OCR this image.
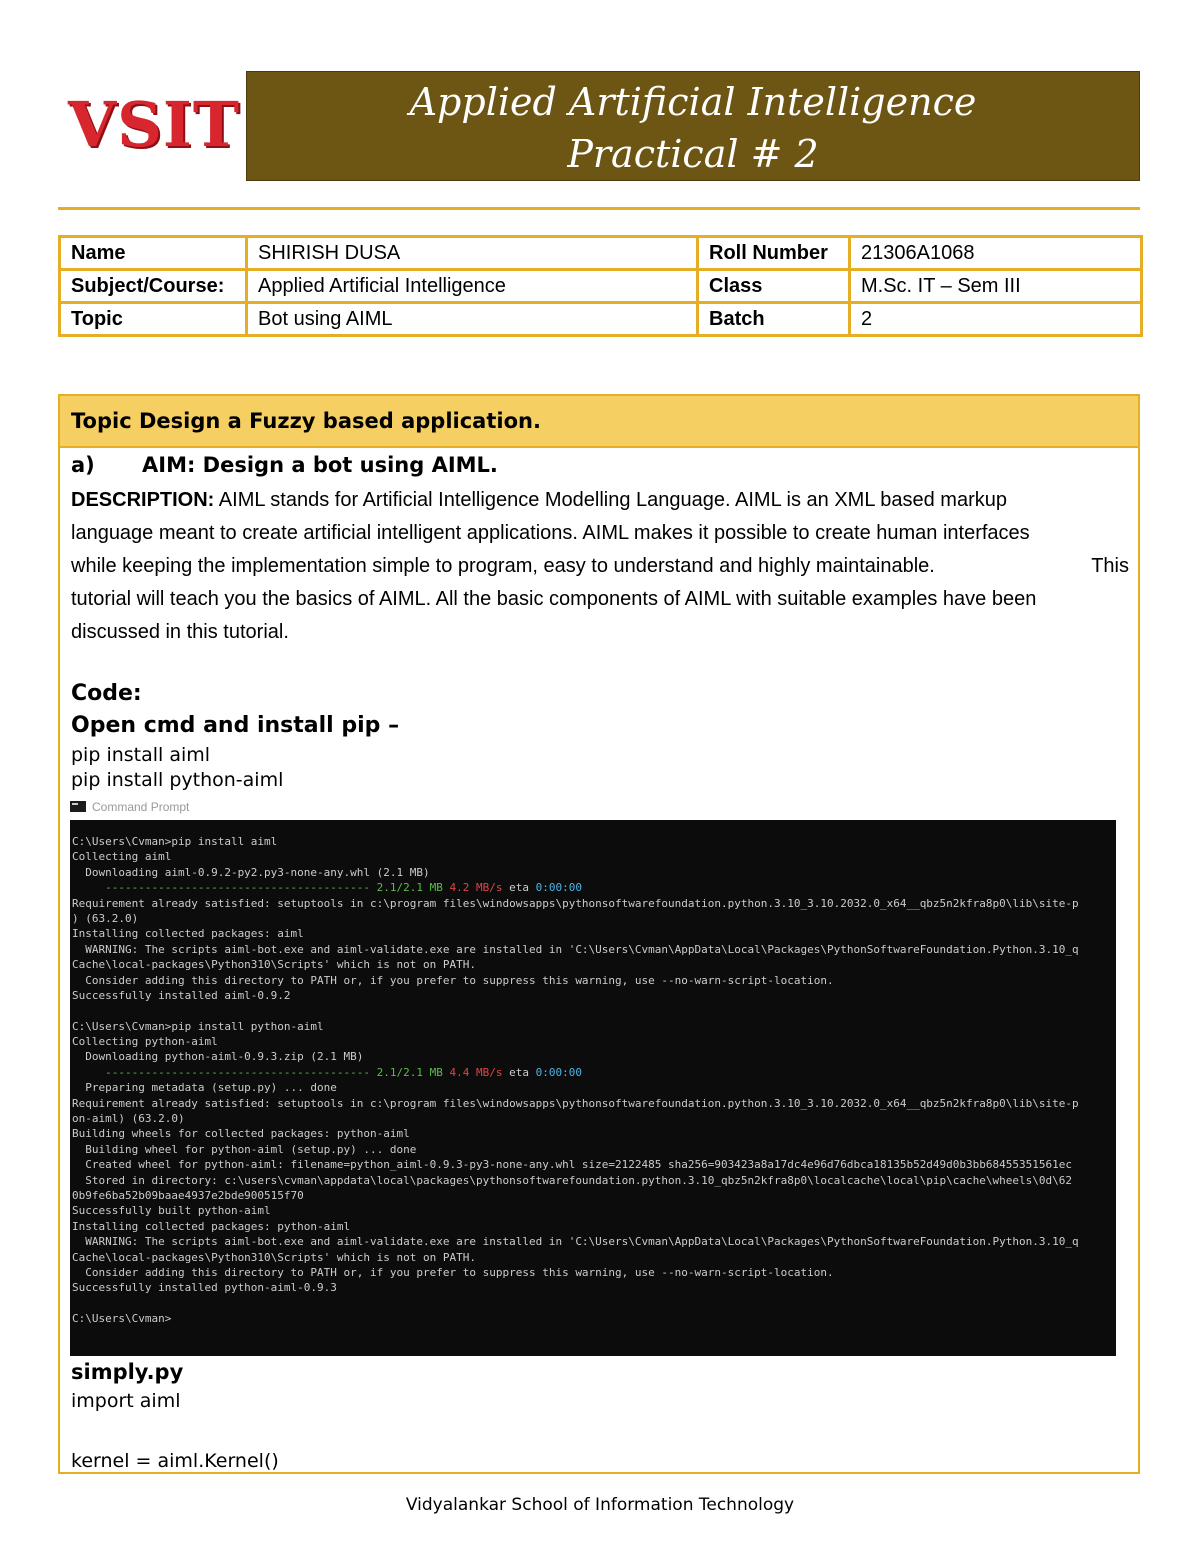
VSIT	Applied Artificial Intelligence
Practical # 2
Name	SHIRISH DUSA	Roll Number	21306A1068
Subject/Course:	Applied Artificial Intelligence	Class	M.Sc. IT – Sem III
Topic	Bot using AIML	Batch	2
Topic Design a Fuzzy based application.
a) AIM: Design a bot using AIML.

DESCRIPTION: AIML stands for Artificial Intelligence Modelling Language. AIML is an XML based markup

language meant to create artificial intelligent applications. AIML makes it possible to create human interfaces

while keeping the implementation simple to program, easy to understand and highly maintainable.	This

tutorial will teach you the basics of AIML. All the basic components of AIML with suitable examples have been

discussed in this tutorial.

Code:
Open cmd and install pip –
pip install aiml
pip install python-aiml
Command Prompt
C:\Users\Cvman>pip install aiml
Collecting aiml
Downloading aiml-0.9.2-py2.py3-none-any.whl (2.1 MB)
---------------------------------------- 2.1/2.1 MB 4.2 MB/s eta 0:00:00
Requirement already satisfied: setuptools in c:\program files\windowsapps\pythonsoftwarefoundation.python.3.10_3.10.2032.0_x64__qbz5n2kfra8p0\lib\site-p
) (63.2.0)
Installing collected packages: aiml
WARNING: The scripts aiml-bot.exe and aiml-validate.exe are installed in 'C:\Users\Cvman\AppData\Local\Packages\PythonSoftwareFoundation.Python.3.10_q
Cache\local-packages\Python310\Scripts' which is not on PATH.
Consider adding this directory to PATH or, if you prefer to suppress this warning, use --no-warn-script-location.
Successfully installed aiml-0.9.2
C:\Users\Cvman>pip install python-aiml
Collecting python-aiml
Downloading python-aiml-0.9.3.zip (2.1 MB)
---------------------------------------- 2.1/2.1 MB 4.4 MB/s eta 0:00:00
Preparing metadata (setup.py) ... done
Requirement already satisfied: setuptools in c:\program files\windowsapps\pythonsoftwarefoundation.python.3.10_3.10.2032.0_x64__qbz5n2kfra8p0\lib\site-p
on-aiml) (63.2.0)
Building wheels for collected packages: python-aiml
Building wheel for python-aiml (setup.py) ... done
Created wheel for python-aiml: filename=python_aiml-0.9.3-py3-none-any.whl size=2122485 sha256=903423a8a17dc4e96d76dbca18135b52d49d0b3bb68455351561ec
Stored in directory: c:\users\cvman\appdata\local\packages\pythonsoftwarefoundation.python.3.10_qbz5n2kfra8p0\localcache\local\pip\cache\wheels\0d\62
0b9fe6ba52b09baae4937e2bde900515f70
Successfully built python-aiml
Installing collected packages: python-aiml
WARNING: The scripts aiml-bot.exe and aiml-validate.exe are installed in 'C:\Users\Cvman\AppData\Local\Packages\PythonSoftwareFoundation.Python.3.10_q
Cache\local-packages\Python310\Scripts' which is not on PATH.
Consider adding this directory to PATH or, if you prefer to suppress this warning, use --no-warn-script-location.
Successfully installed python-aiml-0.9.3
C:\Users\Cvman>
simply.py
import aiml
kernel = aiml.Kernel()
Vidyalankar School of Information Technology
